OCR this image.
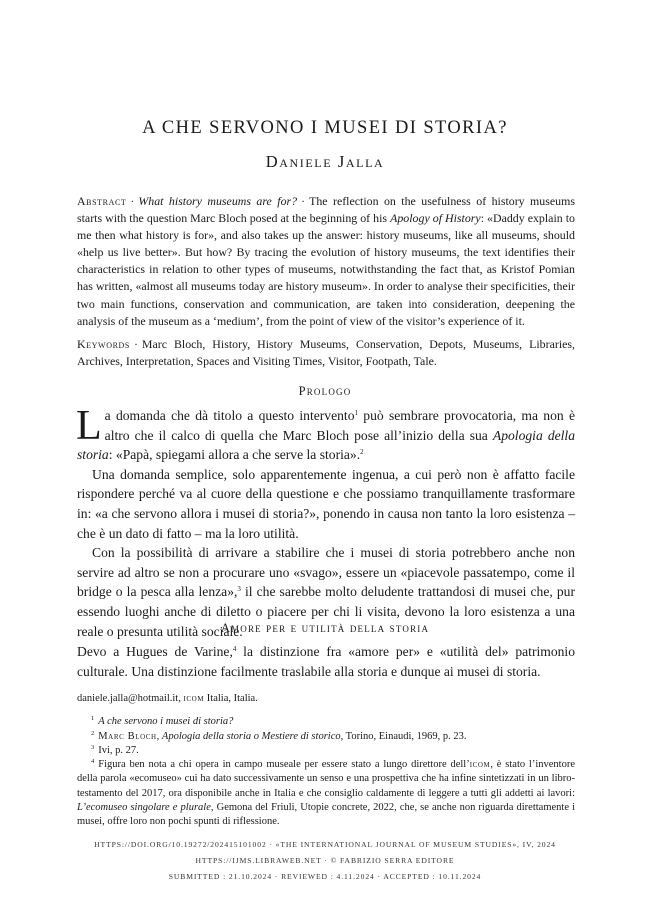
A CHE SERVONO I MUSEI DI STORIA?
Daniele Jalla
Abstract · What history museums are for? · The reflection on the usefulness of history museums starts with the question Marc Bloch posed at the beginning of his Apology of History: «Daddy explain to me then what history is for», and also takes up the answer: history museums, like all museums, should «help us live better». But how? By tracing the evolution of history museums, the text identifies their characteristics in relation to other types of museums, notwithstanding the fact that, as Kristof Pomian has written, «almost all museums today are history museum». In order to analyse their specificities, their two main functions, conservation and communication, are taken into consideration, deepening the analysis of the museum as a ‘medium’, from the point of view of the visitor’s experience of it.
Keywords · Marc Bloch, History, History Museums, Conservation, Depots, Museums, Libraries, Archives, Interpretation, Spaces and Visiting Times, Visitor, Footpath, Tale.
Prologo

La domanda che dà titolo a questo intervento$^1$ può sembrare provocatoria, ma non è altro che il calco di quella che Marc Bloch pose all’inizio della sua Apologia della storia: «Papà, spiegami allora a che serve la storia».$^2$

Una domanda semplice, solo apparentemente ingenua, a cui però non è affatto facile rispondere perché va al cuore della questione e che possiamo tranquillamente trasformare in: «a che servono allora i musei di storia?», ponendo in causa non tanto la loro esistenza – che è un dato di fatto – ma la loro utilità.

Con la possibilità di arrivare a stabilire che i musei di storia potrebbero anche non servire ad altro se non a procurare uno «svago», essere un «piacevole passatempo, come il bridge o la pesca alla lenza»,$^3$ il che sarebbe molto deludente trattandosi di musei che, pur essendo luoghi anche di diletto o piacere per chi li visita, devono la loro esistenza a una reale o presunta utilità sociale.

Amore per e utilità della storia

Devo a Hugues de Varine,$^4$ la distinzione fra «amore per» e «utilità del» patrimonio culturale. Una distinzione facilmente traslabile alla storia e dunque ai musei di storia.

daniele.jalla@hotmail.it, icom Italia, Italia.
$^1$ A che servono i musei di storia?
$^2$ Marc Bloch, Apologia della storia o Mestiere di storico, Torino, Einaudi, 1969, p. 23.
$^3$ Ivi, p. 27.
$^4$ Figura ben nota a chi opera in campo museale per essere stato a lungo direttore dell’icom, è stato l’inventore della parola «ecomuseo» cui ha dato successivamente un senso e una prospettiva che ha infine sintetizzati in un libro-testamento del 2017, ora disponibile anche in Italia e che consiglio caldamente di leggere a tutti gli addetti ai lavori: L’ecomuseo singolare e plurale, Gemona del Friuli, Utopie concrete, 2022, che, se anche non riguarda direttamente i musei, offre loro non pochi spunti di riflessione.
HTTPS://DOI.ORG/10.19272/202415101002 · «THE INTERNATIONAL JOURNAL OF MUSEUM STUDIES», IV, 2024
HTTPS://IJMS.LIBRAWEB.NET · © FABRIZIO SERRA EDITORE
SUBMITTED : 21.10.2024 · REVIEWED : 4.11.2024 · ACCEPTED : 10.11.2024
